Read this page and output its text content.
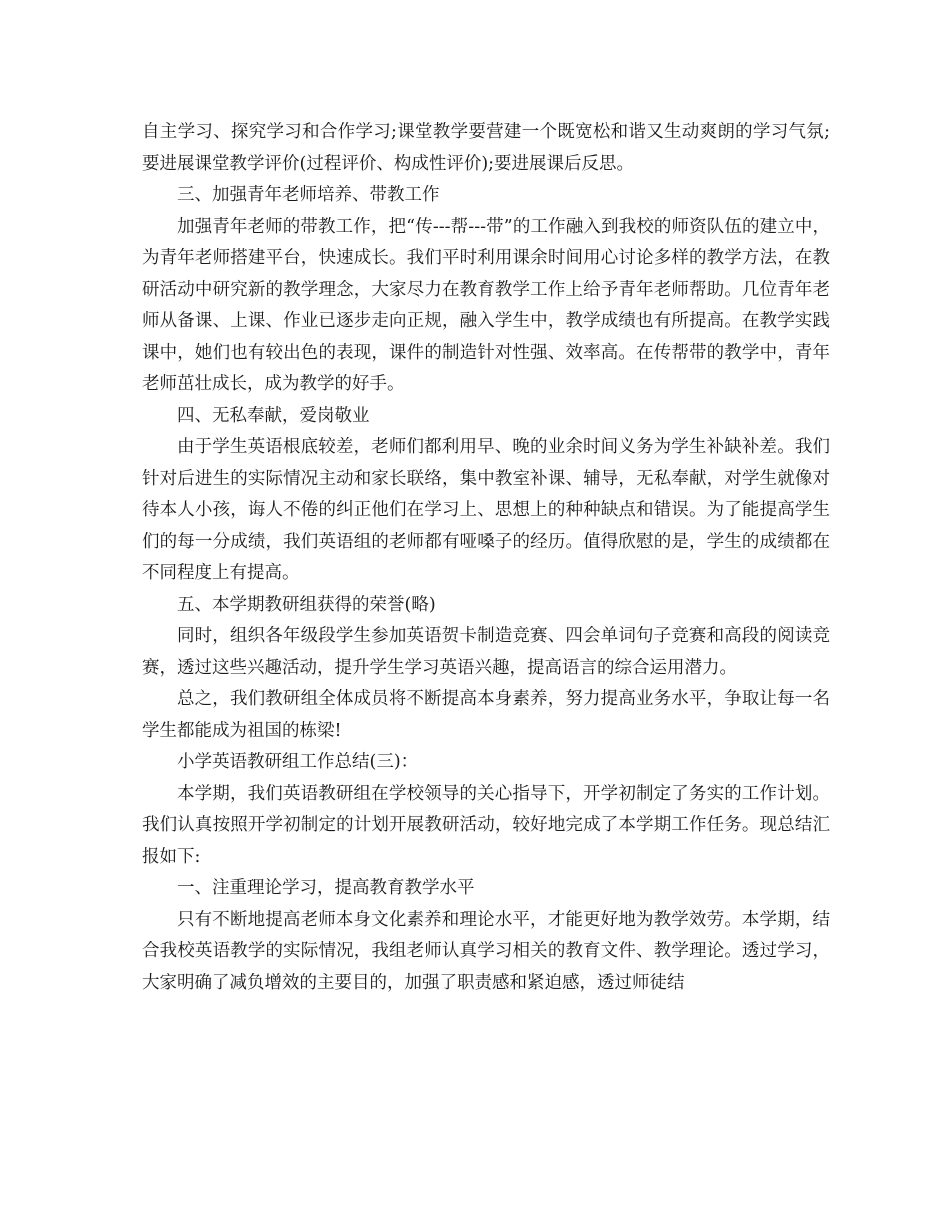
自主学习、探究学习和合作学习;课堂教学要营建一个既宽松和谐又生动爽朗的学习气氛;要进展课堂教学评价(过程评价、构成性评价);要进展课后反思。

三、加强青年老师培养、带教工作

加强青年老师的带教工作，把“传---帮---带”的工作融入到我校的师资队伍的建立中，为青年老师搭建平台，快速成长。我们平时利用课余时间用心讨论多样的教学方法，在教研活动中研究新的教学理念，大家尽力在教育教学工作上给予青年老师帮助。几位青年老师从备课、上课、作业已逐步走向正规，融入学生中，教学成绩也有所提高。在教学实践课中，她们也有较出色的表现，课件的制造针对性强、效率高。在传帮带的教学中，青年老师茁壮成长，成为教学的好手。

四、无私奉献，爱岗敬业

由于学生英语根底较差，老师们都利用早、晚的业余时间义务为学生补缺补差。我们针对后进生的实际情况主动和家长联络，集中教室补课、辅导，无私奉献，对学生就像对待本人小孩，诲人不倦的纠正他们在学习上、思想上的种种缺点和错误。为了能提高学生们的每一分成绩，我们英语组的老师都有哑嗓子的经历。值得欣慰的是，学生的成绩都在不同程度上有提高。

五、本学期教研组获得的荣誉(略)

同时，组织各年级段学生参加英语贺卡制造竞赛、四会单词句子竞赛和高段的阅读竞赛，透过这些兴趣活动，提升学生学习英语兴趣，提高语言的综合运用潜力。

总之，我们教研组全体成员将不断提高本身素养，努力提高业务水平，争取让每一名学生都能成为祖国的栋梁!

小学英语教研组工作总结(三)：

本学期，我们英语教研组在学校领导的关心指导下，开学初制定了务实的工作计划。我们认真按照开学初制定的计划开展教研活动，较好地完成了本学期工作任务。现总结汇报如下:

一、注重理论学习，提高教育教学水平

只有不断地提高老师本身文化素养和理论水平，才能更好地为教学效劳。本学期，结合我校英语教学的实际情况，我组老师认真学习相关的教育文件、教学理论。透过学习，大家明确了减负增效的主要目的，加强了职责感和紧迫感，透过师徒结
